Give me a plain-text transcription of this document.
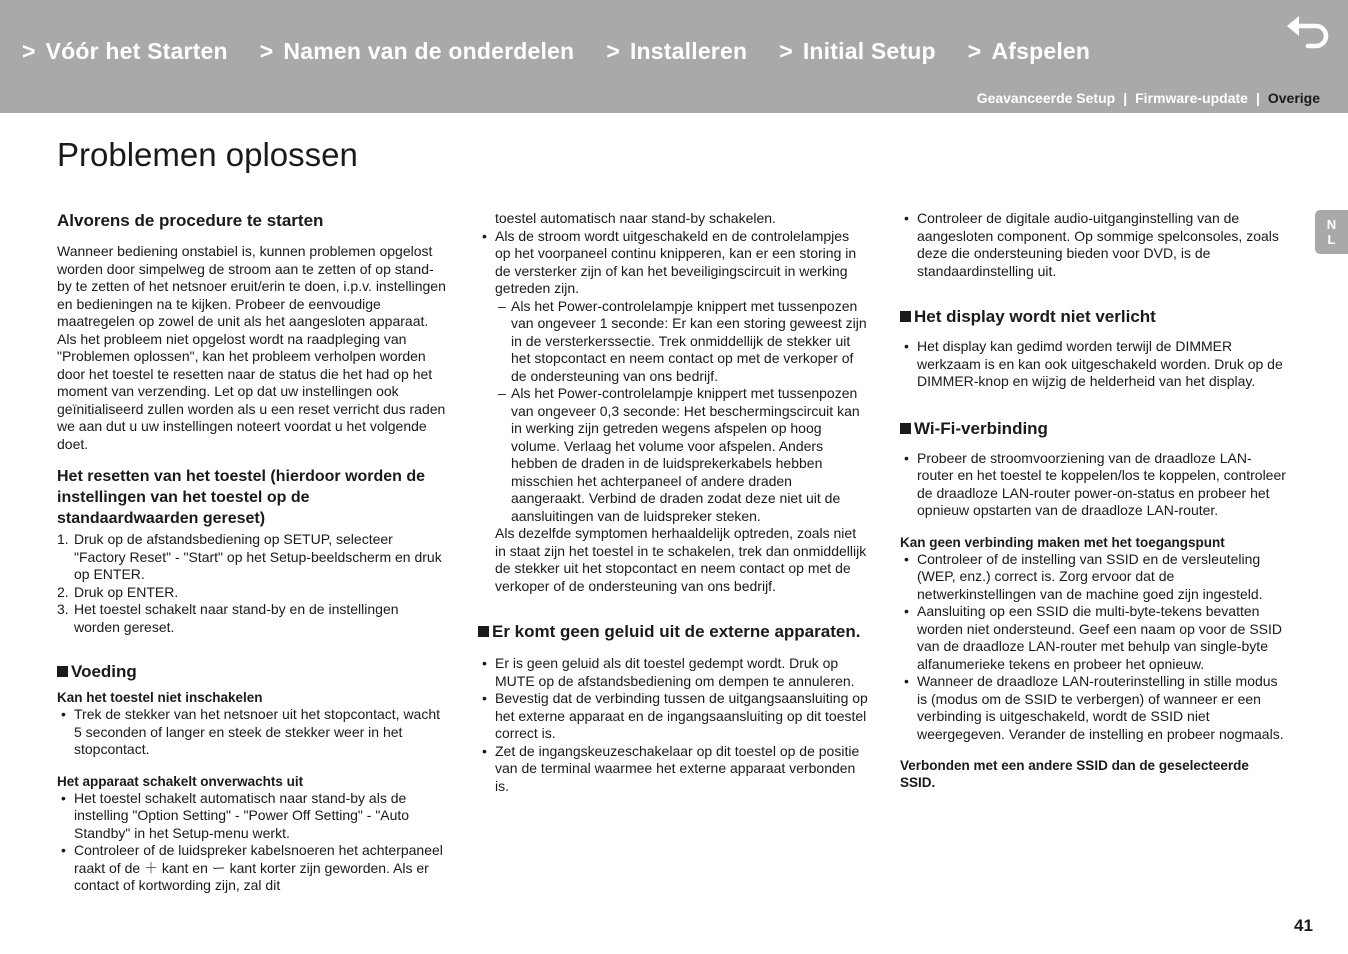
> Vóór het Starten > Namen van de onderdelen > Installeren > Initial Setup > Afspelen
Geavanceerde Setup | Firmware-update | Overige
Problemen oplossen
Alvorens de procedure te starten

Wanneer bediening onstabiel is, kunnen problemen opgelost worden door simpelweg de stroom aan te zetten of op stand-by te zetten of het netsnoer eruit/erin te doen, i.p.v. instellingen en bedieningen na te kijken. Probeer de eenvoudige maatregelen op zowel de unit als het aangesloten apparaat. Als het probleem niet opgelost wordt na raadpleging van "Problemen oplossen", kan het probleem verholpen worden door het toestel te resetten naar de status die het had op het moment van verzending. Let op dat uw instellingen ook geïnitialiseerd zullen worden als u een reset verricht dus raden we aan dut u uw instellingen noteert voordat u het volgende doet.

Het resetten van het toestel (hierdoor worden de instellingen van het toestel op de standaardwaarden gereset)
1. Druk op de afstandsbediening op SETUP, selecteer "Factory Reset" - "Start" op het Setup-beeldscherm en druk op ENTER.
2. Druk op ENTER.
3. Het toestel schakelt naar stand-by en de instellingen worden gereset.
Voeding
Kan het toestel niet inschakelen
• Trek de stekker van het netsnoer uit het stopcontact, wacht 5 seconden of langer en steek de stekker weer in het stopcontact.
Het apparaat schakelt onverwachts uit
• Het toestel schakelt automatisch naar stand-by als de instelling "Option Setting" - "Power Off Setting" - "Auto Standby" in het Setup-menu werkt.
• Controleer of de luidspreker kabelsnoeren het achterpaneel raakt of de ＋ kant en ー kant korter zijn geworden. Als er contact of kortwording zijn, zal dit

toestel automatisch naar stand-by schakelen.

• Als de stroom wordt uitgeschakeld en de controlelampjes op het voorpaneel continu knipperen, kan er een storing in de versterker zijn of kan het beveiligingscircuit in werking getreden zijn.
– Als het Power-controlelampje knippert met tussenpozen van ongeveer 1 seconde: Er kan een storing geweest zijn in de versterkerssectie. Trek onmiddellijk de stekker uit het stopcontact en neem contact op met de verkoper of de ondersteuning van ons bedrijf.
– Als het Power-controlelampje knippert met tussenpozen van ongeveer 0,3 seconde: Het beschermingscircuit kan in werking zijn getreden wegens afspelen op hoog volume. Verlaag het volume voor afspelen. Anders hebben de draden in de luidsprekerkabels hebben misschien het achterpaneel of andere draden aangeraakt. Verbind de draden zodat deze niet uit de aansluitingen van de luidspreker steken.

Als dezelfde symptomen herhaaldelijk optreden, zoals niet in staat zijn het toestel in te schakelen, trek dan onmiddellijk de stekker uit het stopcontact en neem contact op met de verkoper of de ondersteuning van ons bedrijf.

Er komt geen geluid uit de externe apparaten.
• Er is geen geluid als dit toestel gedempt wordt. Druk op MUTE op de afstandsbediening om dempen te annuleren.
• Bevestig dat de verbinding tussen de uitgangsaansluiting op het externe apparaat en de ingangsaansluiting op dit toestel correct is.
• Zet de ingangskeuzeschakelaar op dit toestel op de positie van de terminal waarmee het externe apparaat verbonden is.
• Controleer de digitale audio-uitganginstelling van de aangesloten component. Op sommige spelconsoles, zoals deze die ondersteuning bieden voor DVD, is de standaardinstelling uit.
Het display wordt niet verlicht
• Het display kan gedimd worden terwijl de DIMMER werkzaam is en kan ook uitgeschakeld worden. Druk op de DIMMER-knop en wijzig de helderheid van het display.
Wi-Fi-verbinding
• Probeer de stroomvoorziening van de draadloze LAN-router en het toestel te koppelen/los te koppelen, controleer de draadloze LAN-router power-on-status en probeer het opnieuw opstarten van de draadloze LAN-router.
Kan geen verbinding maken met het toegangspunt
• Controleer of de instelling van SSID en de versleuteling (WEP, enz.) correct is. Zorg ervoor dat de netwerkinstellingen van de machine goed zijn ingesteld.
• Aansluiting op een SSID die multi-byte-tekens bevatten worden niet ondersteund. Geef een naam op voor de SSID van de draadloze LAN-router met behulp van single-byte alfanumerieke tekens en probeer het opnieuw.
• Wanneer de draadloze LAN-routerinstelling in stille modus is (modus om de SSID te verbergen) of wanneer er een verbinding is uitgeschakeld, wordt de SSID niet weergegeven. Verander de instelling en probeer nogmaals.
Verbonden met een andere SSID dan de geselecteerde SSID.
N
L
41
